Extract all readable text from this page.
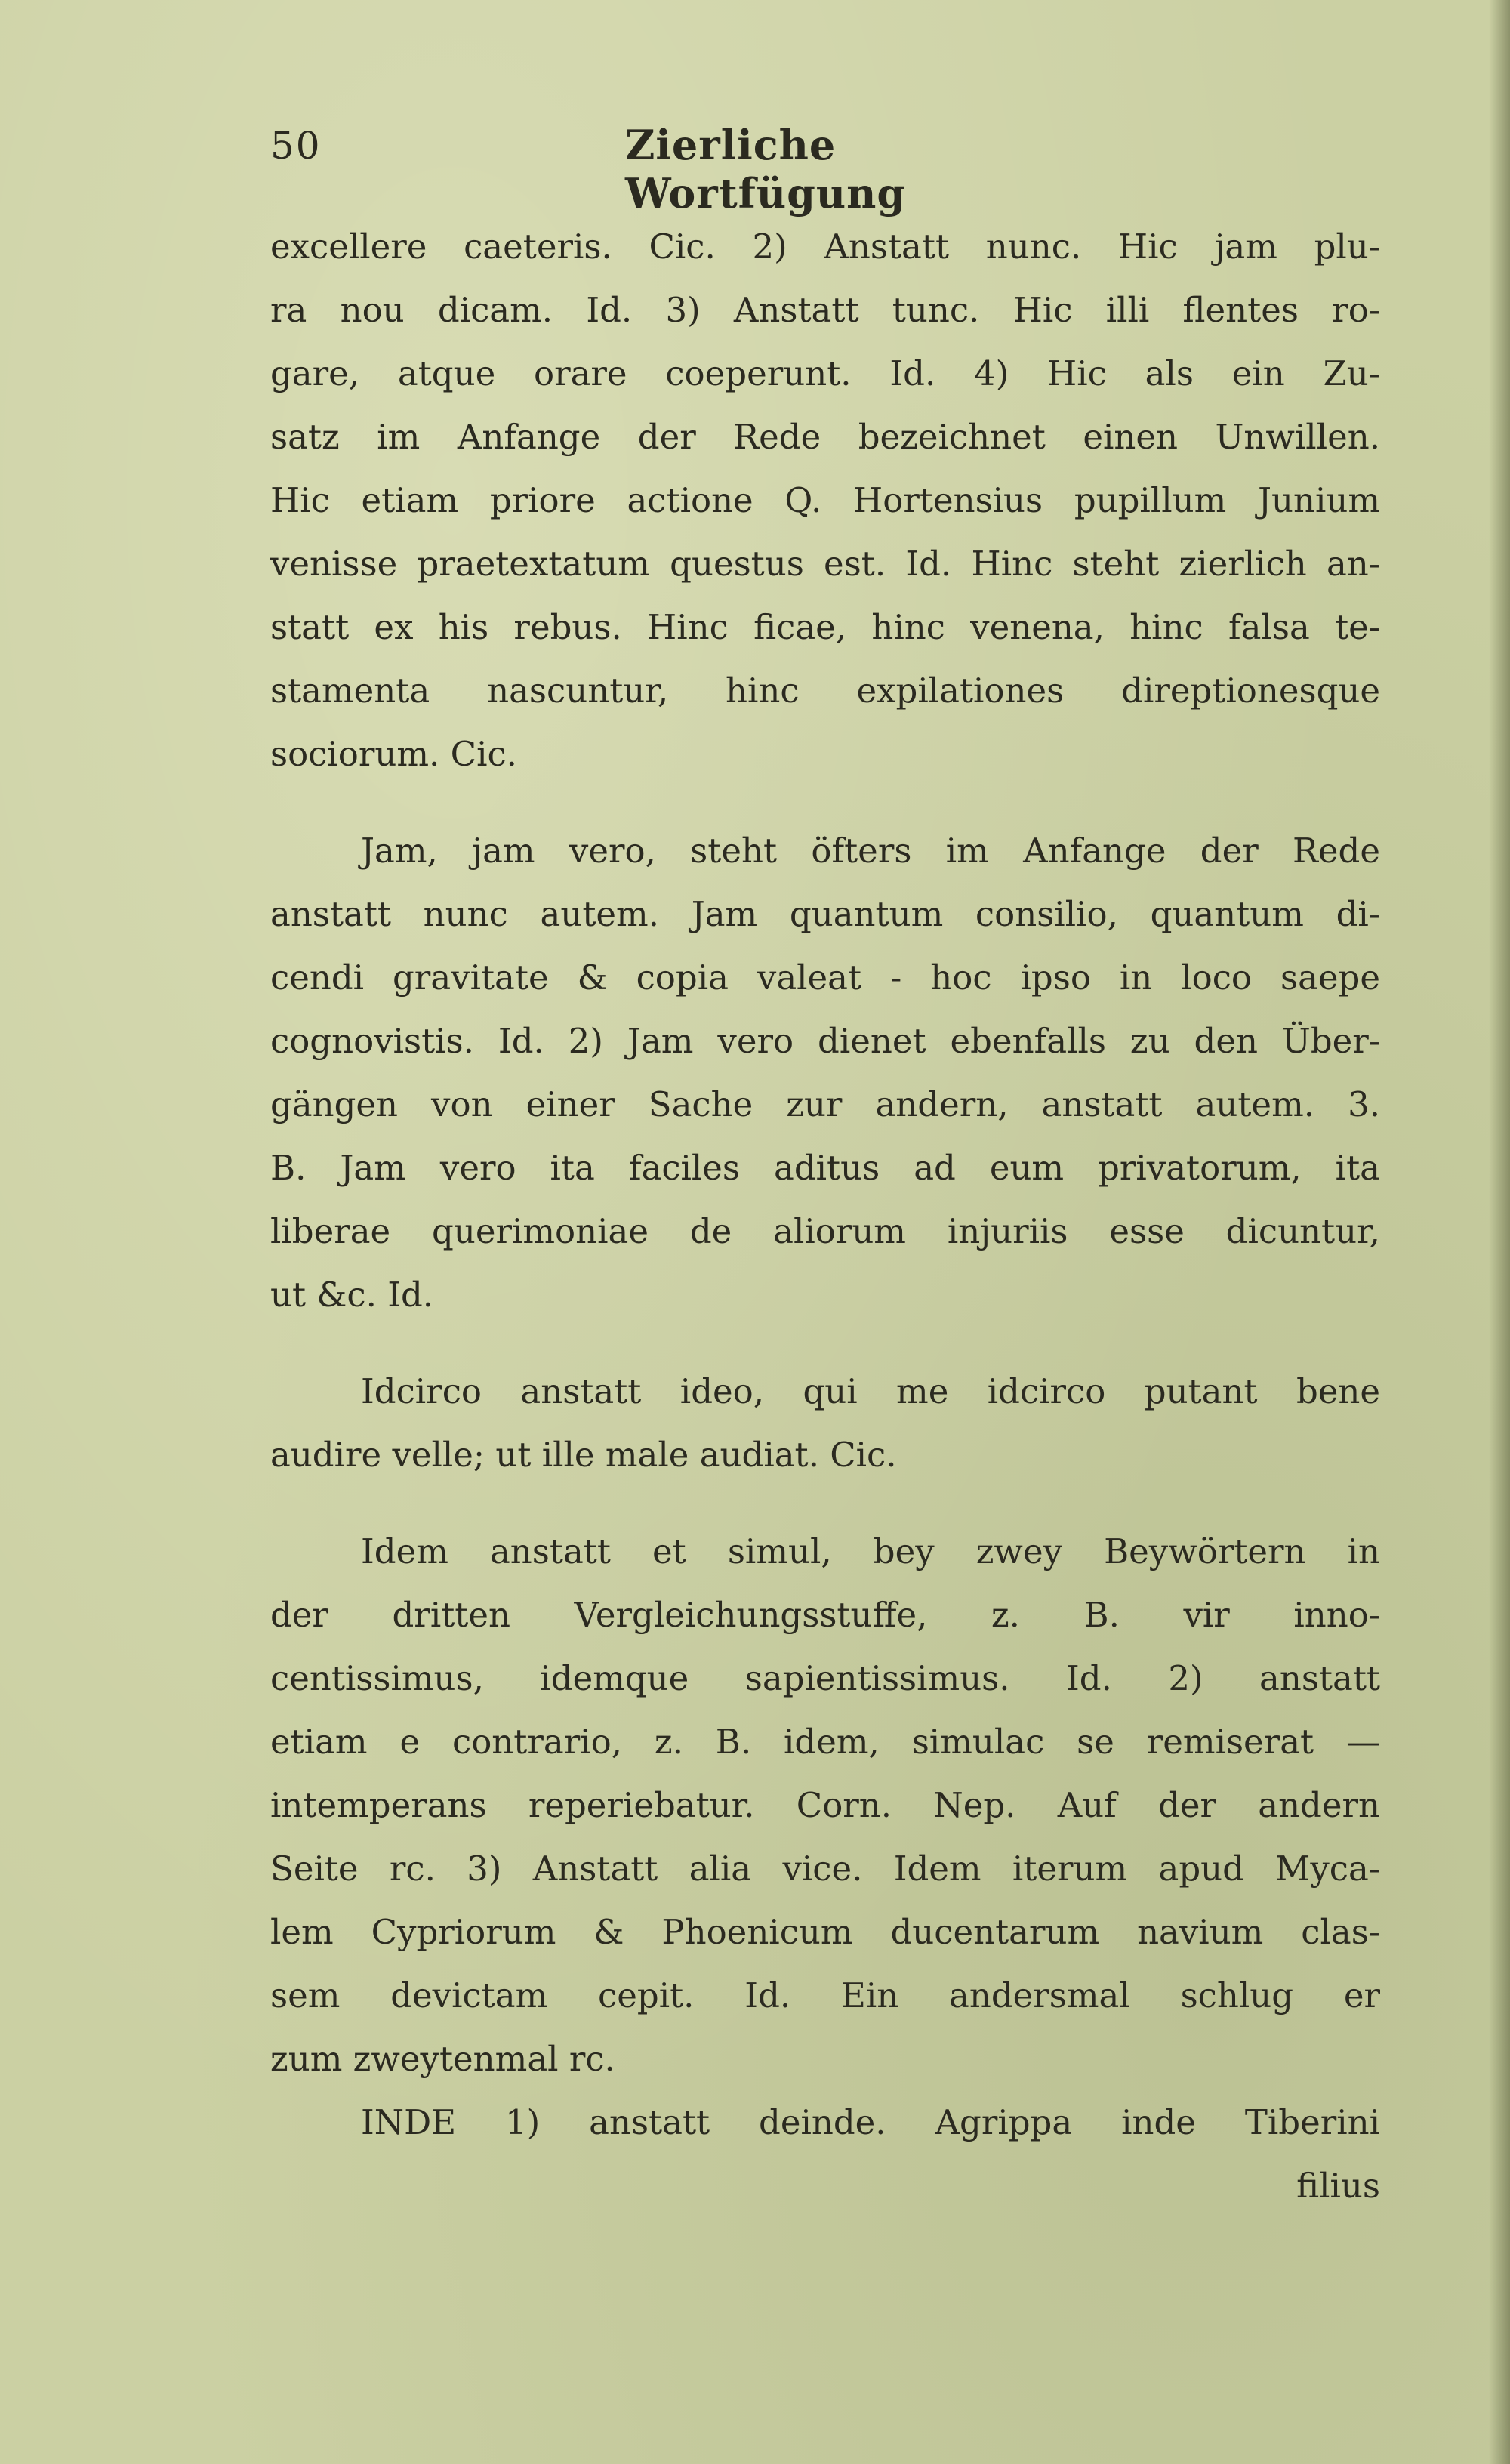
50	Zierliche Wortfügung
excellere caeteris. Cic. 2) Anstatt nunc. Hic jam plu-
ra nou dicam. Id. 3) Anstatt tunc. Hic illi flentes ro-
gare, atque orare coeperunt. Id. 4) Hic als ein Zu-
satz im Anfange der Rede bezeichnet einen Unwillen.
Hic etiam priore actione Q. Hortensius pupillum Junium
venisse praetextatum questus est. Id. Hinc steht zierlich an-
statt ex his rebus. Hinc ficae, hinc venena, hinc falsa te-
stamenta nascuntur, hinc expilationes direptionesque
sociorum. Cic.
Jam, jam vero, steht öfters im Anfange der Rede
anstatt nunc autem. Jam quantum consilio, quantum di-
cendi gravitate & copia valeat - hoc ipso in loco saepe
cognovistis. Id. 2) Jam vero dienet ebenfalls zu den Über-
gängen von einer Sache zur andern, anstatt autem. 3.
B. Jam vero ita faciles aditus ad eum privatorum, ita
liberae querimoniae de aliorum injuriis esse dicuntur,
ut &c. Id.
Idcirco anstatt ideo, qui me idcirco putant bene
audire velle; ut ille male audiat. Cic.
Idem anstatt et simul, bey zwey Beywörtern in
der dritten Vergleichungsstuffe, z. B. vir inno-
centissimus, idemque sapientissimus. Id. 2) anstatt
etiam e contrario, z. B. idem, simulac se remiserat —
intemperans reperiebatur. Corn. Nep. Auf der andern
Seite rc. 3) Anstatt alia vice. Idem iterum apud Myca-
lem Cypriorum & Phoenicum ducentarum navium clas-
sem devictam cepit. Id. Ein andersmal schlug er
zum zweytenmal rc.
INDE 1) anstatt deinde. Agrippa inde Tiberini
filius
